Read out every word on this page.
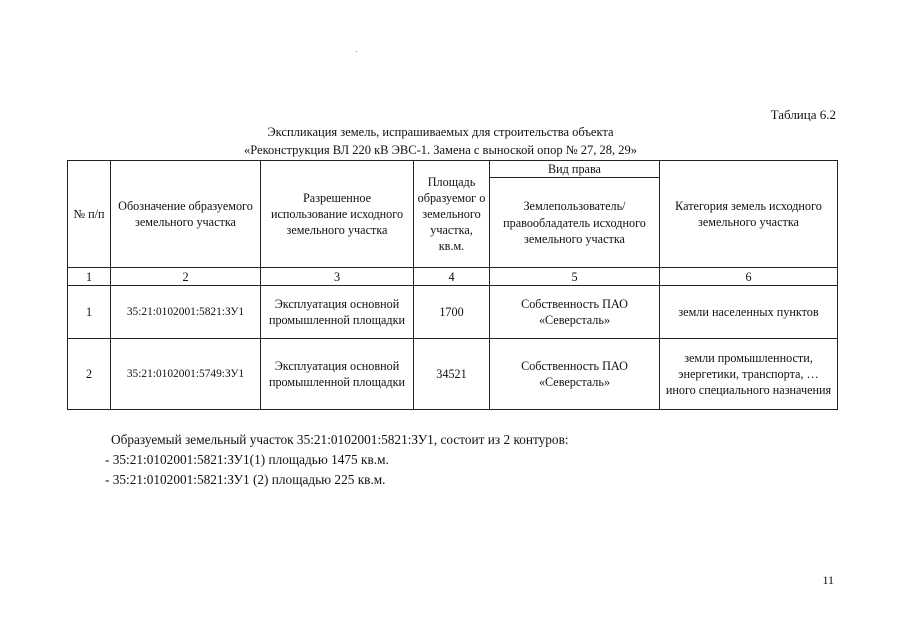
Таблица 6.2
Экспликация земель, испрашиваемых для строительства объекта
«Реконструкция ВЛ 220 кВ ЭВС-1. Замена с выноской опор № 27, 28, 29»
№ п/п	Обозначение образуемого земельного участка	Разрешенное использование исходного земельного участка	Площадь образуемог о земельного участка, кв.м.	Вид права	Категория земель исходного земельного участка
				Землепользователь/ правообладатель исходного земельного участка	
1	2	3	4	5	6
1	35:21:0102001:5821:ЗУ1	Эксплуатация основной промышленной площадки	1700	Собственность ПАО «Северсталь»	земли населенных пунктов
2	35:21:0102001:5749:ЗУ1	Эксплуатация основной промышленной площадки	34521	Собственность ПАО «Северсталь»	земли промышленности, энергетики, транспорта, … иного специального назначения
Образуемый земельный участок 35:21:0102001:5821:ЗУ1, состоит из 2 контуров:
- 35:21:0102001:5821:ЗУ1(1) площадью 1475 кв.м.
- 35:21:0102001:5821:ЗУ1 (2) площадью 225 кв.м.
11
